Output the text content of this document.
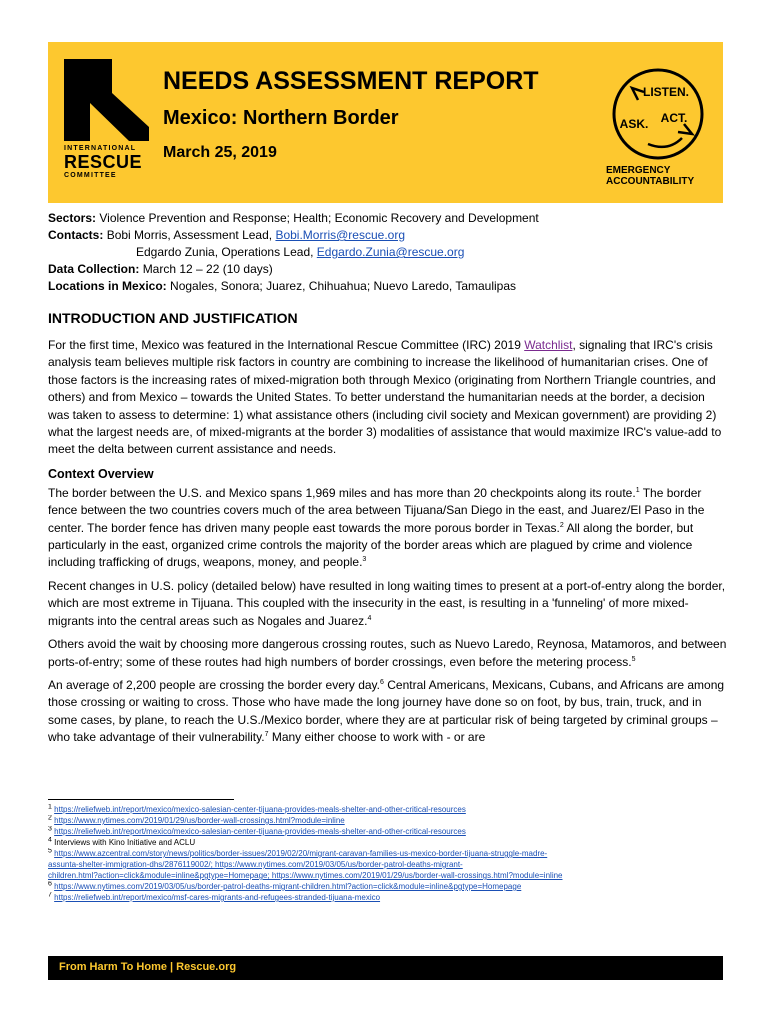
INTERNATIONAL
RESCUE
COMMITTEE
NEEDS ASSESSMENT REPORT
Mexico: Northern Border
March 25, 2019
LISTEN.
ASK. ACT.
EMERGENCY
ACCOUNTABILITY
Sectors: Violence Prevention and Response; Health; Economic Recovery and Development
Contacts: Bobi Morris, Assessment Lead, Bobi.Morris@rescue.org
Edgardo Zunia, Operations Lead, Edgardo.Zunia@rescue.org
Data Collection: March 12 – 22 (10 days)
Locations in Mexico: Nogales, Sonora; Juarez, Chihuahua; Nuevo Laredo, Tamaulipas
INTRODUCTION AND JUSTIFICATION

For the first time, Mexico was featured in the International Rescue Committee (IRC) 2019 Watchlist, signaling that IRC's crisis analysis team believes multiple risk factors in country are combining to increase the likelihood of humanitarian crises. One of those factors is the increasing rates of mixed-migration both through Mexico (originating from Northern Triangle countries, and others) and from Mexico – towards the United States. To better understand the humanitarian needs at the border, a decision was taken to assess to determine: 1) what assistance others (including civil society and Mexican government) are providing 2) what the largest needs are, of mixed-migrants at the border 3) modalities of assistance that would maximize IRC's value-add to meet the delta between current assistance and needs.

Context Overview

The border between the U.S. and Mexico spans 1,969 miles and has more than 20 checkpoints along its route.$^1$ The border fence between the two countries covers much of the area between Tijuana/San Diego in the east, and Juarez/El Paso in the center. The border fence has driven many people east towards the more porous border in Texas.$^2$ All along the border, but particularly in the east, organized crime controls the majority of the border areas which are plagued by crime and violence including trafficking of drugs, weapons, money, and people.$^3$

Recent changes in U.S. policy (detailed below) have resulted in long waiting times to present at a port-of-entry along the border, which are most extreme in Tijuana. This coupled with the insecurity in the east, is resulting in a 'funneling' of more mixed-migrants into the central areas such as Nogales and Juarez.$^4$

Others avoid the wait by choosing more dangerous crossing routes, such as Nuevo Laredo, Reynosa, Matamoros, and between ports-of-entry; some of these routes had high numbers of border crossings, even before the metering process.$^5$

An average of 2,200 people are crossing the border every day.$^6$ Central Americans, Mexicans, Cubans, and Africans are among those crossing or waiting to cross. Those who have made the long journey have done so on foot, by bus, train, truck, and in some cases, by plane, to reach the U.S./Mexico border, where they are at particular risk of being targeted by criminal groups – who take advantage of their vulnerability.$^7$ Many either choose to work with - or are

$^1$ https://reliefweb.int/report/mexico/mexico-salesian-center-tijuana-provides-meals-shelter-and-other-critical-resources
$^2$ https://www.nytimes.com/2019/01/29/us/border-wall-crossings.html?module=inline
$^3$ https://reliefweb.int/report/mexico/mexico-salesian-center-tijuana-provides-meals-shelter-and-other-critical-resources
$^4$ Interviews with Kino Initiative and ACLU
$^5$ https://www.azcentral.com/story/news/politics/border-issues/2019/02/20/migrant-caravan-families-us-mexico-border-tijuana-struggle-madre-
assunta-shelter-immigration-dhs/2876119002/; https://www.nytimes.com/2019/03/05/us/border-patrol-deaths-migrant-
children.html?action=click&module=inline&pgtype=Homepage; https://www.nytimes.com/2019/01/29/us/border-wall-crossings.html?module=inline
$^6$ https://www.nytimes.com/2019/03/05/us/border-patrol-deaths-migrant-children.html?action=click&module=inline&pgtype=Homepage
$^7$ https://reliefweb.int/report/mexico/msf-cares-migrants-and-refugees-stranded-tijuana-mexico
From Harm To Home | Rescue.org
